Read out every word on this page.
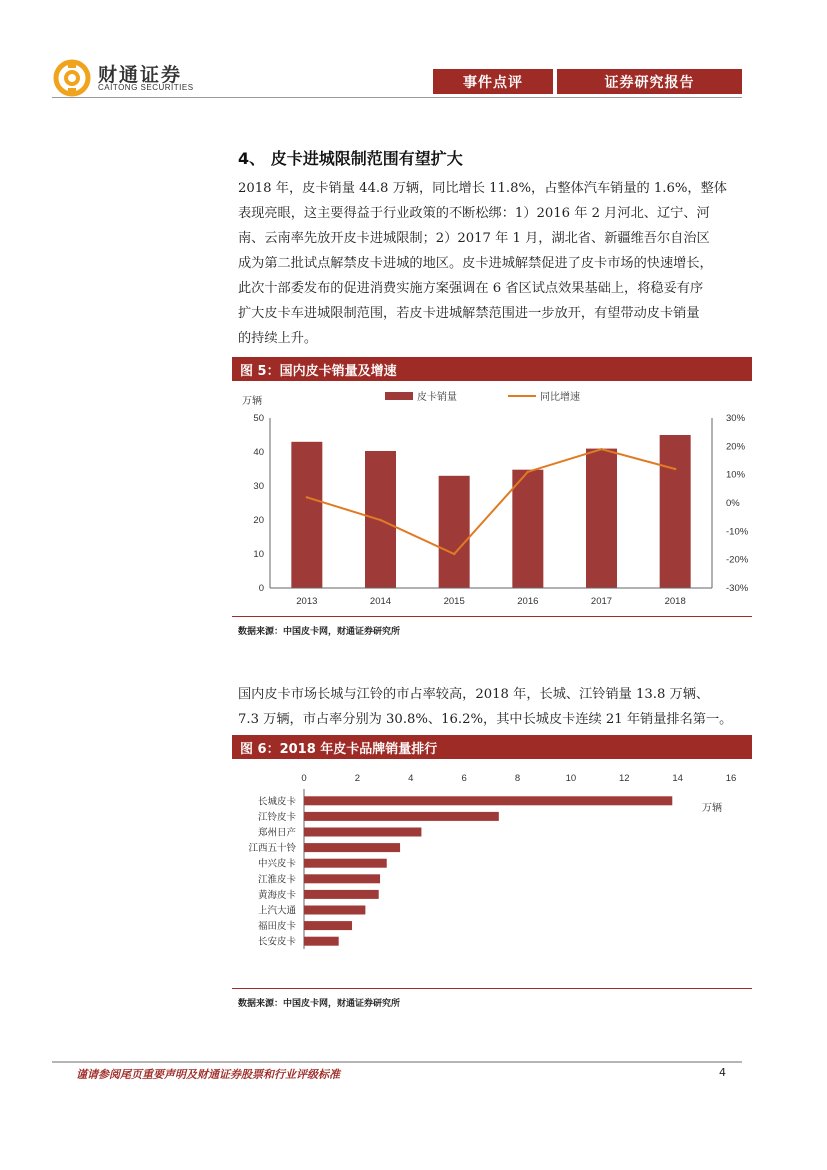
财通证券
CAITONG SECURITIES	事件点评	证券研究报告
4、 皮卡进城限制范围有望扩大
2018 年，皮卡销量 44.8 万辆，同比增长 11.8%，占整体汽车销量的 1.6%，整体
表现亮眼，这主要得益于行业政策的不断松绑：1）2016 年 2 月河北、辽宁、河
南、云南率先放开皮卡进城限制；2）2017 年 1 月，湖北省、新疆维吾尔自治区
成为第二批试点解禁皮卡进城的地区。皮卡进城解禁促进了皮卡市场的快速增长，
此次十部委发布的促进消费实施方案强调在 6 省区试点效果基础上，将稳妥有序
扩大皮卡车进城限制范围，若皮卡进城解禁范围进一步放开，有望带动皮卡销量
的持续上升。
图 5：国内皮卡销量及增速
0
10
20
30
40
50
-30%
-20%
-10%
0%
10%
20%
30%
2013	2014	2015	2016	2017	2018
皮卡销量	同比增速
万辆
数据来源：中国皮卡网，财通证券研究所
国内皮卡市场长城与江铃的市占率较高，2018 年，长城、江铃销量 13.8 万辆、
7.3 万辆，市占率分别为 30.8%、16.2%，其中长城皮卡连续 21 年销量排名第一。
图 6：2018 年皮卡品牌销量排行
0	2	4	6	8	10	12	14	16
长城皮卡
江铃皮卡
郑州日产
江西五十铃
中兴皮卡
江淮皮卡
黄海皮卡
上汽大通
福田皮卡
长安皮卡
万辆
数据来源：中国皮卡网，财通证券研究所
谨请参阅尾页重要声明及财通证券股票和行业评级标准	4
